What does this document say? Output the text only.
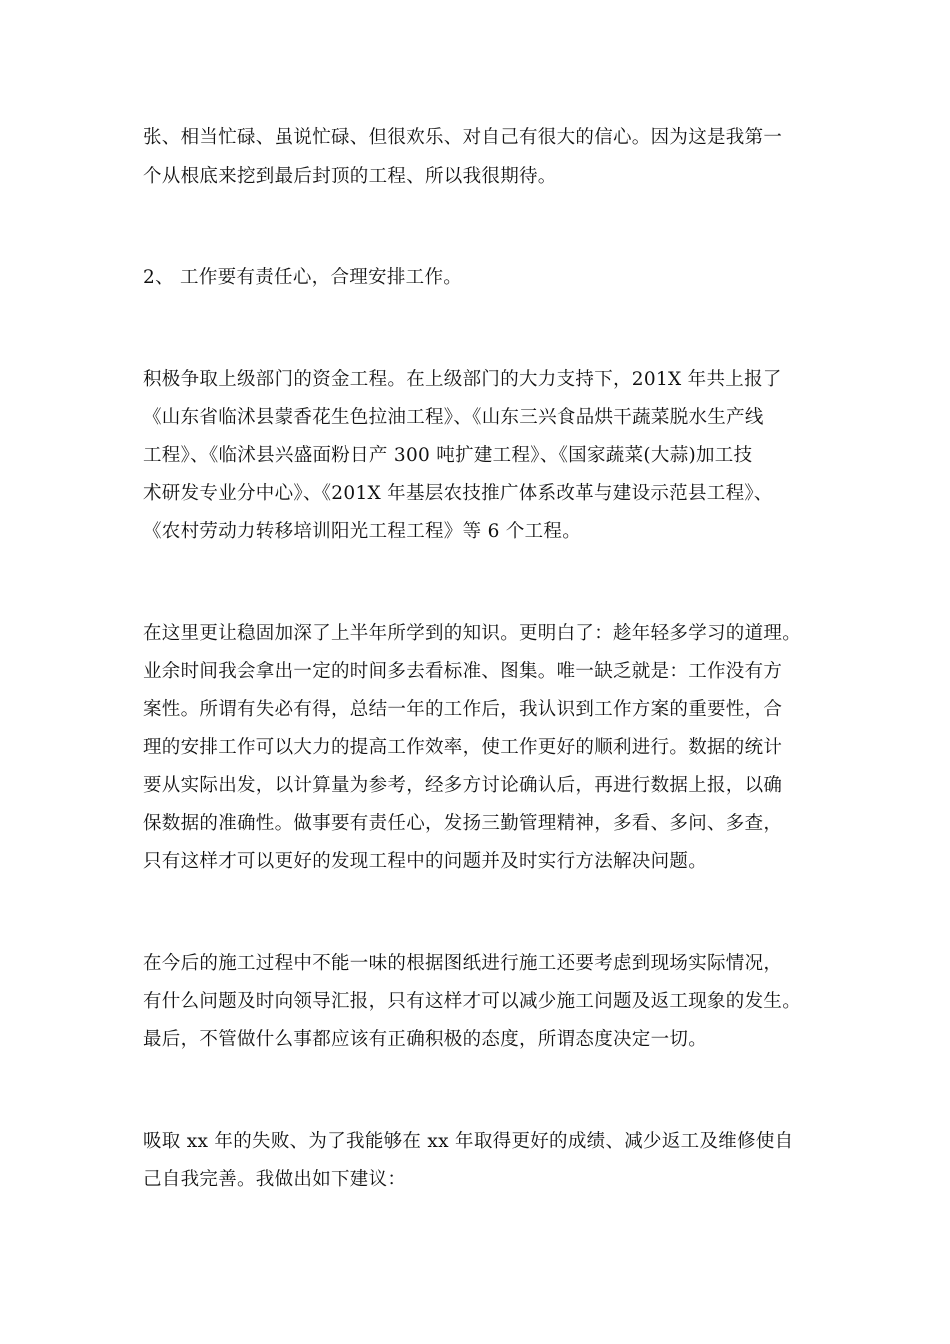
张、相当忙碌、虽说忙碌、但很欢乐、对自己有很大的信心。因为这是我第一
个从根底来挖到最后封顶的工程、所以我很期待。
2、 工作要有责任心，合理安排工作。
积极争取上级部门的资金工程。在上级部门的大力支持下，201X 年共上报了
《山东省临沭县蒙香花生色拉油工程》、《山东三兴食品烘干蔬菜脱水生产线
工程》、《临沭县兴盛面粉日产 300 吨扩建工程》、《国家蔬菜(大蒜)加工技
术研发专业分中心》、《201X 年基层农技推广体系改革与建设示范县工程》、
《农村劳动力转移培训阳光工程工程》等 6 个工程。
在这里更让稳固加深了上半年所学到的知识。更明白了：趁年轻多学习的道理。
业余时间我会拿出一定的时间多去看标准、图集。唯一缺乏就是：工作没有方
案性。所谓有失必有得，总结一年的工作后，我认识到工作方案的重要性，合
理的安排工作可以大力的提高工作效率，使工作更好的顺利进行。数据的统计
要从实际出发，以计算量为参考，经多方讨论确认后，再进行数据上报，以确
保数据的准确性。做事要有责任心，发扬三勤管理精神，多看、多问、多查，
只有这样才可以更好的发现工程中的问题并及时实行方法解决问题。
在今后的施工过程中不能一味的根据图纸进行施工还要考虑到现场实际情况，
有什么问题及时向领导汇报，只有这样才可以减少施工问题及返工现象的发生。
最后，不管做什么事都应该有正确积极的态度，所谓态度决定一切。
吸取 xx 年的失败、为了我能够在 xx 年取得更好的成绩、减少返工及维修使自
己自我完善。我做出如下建议：
